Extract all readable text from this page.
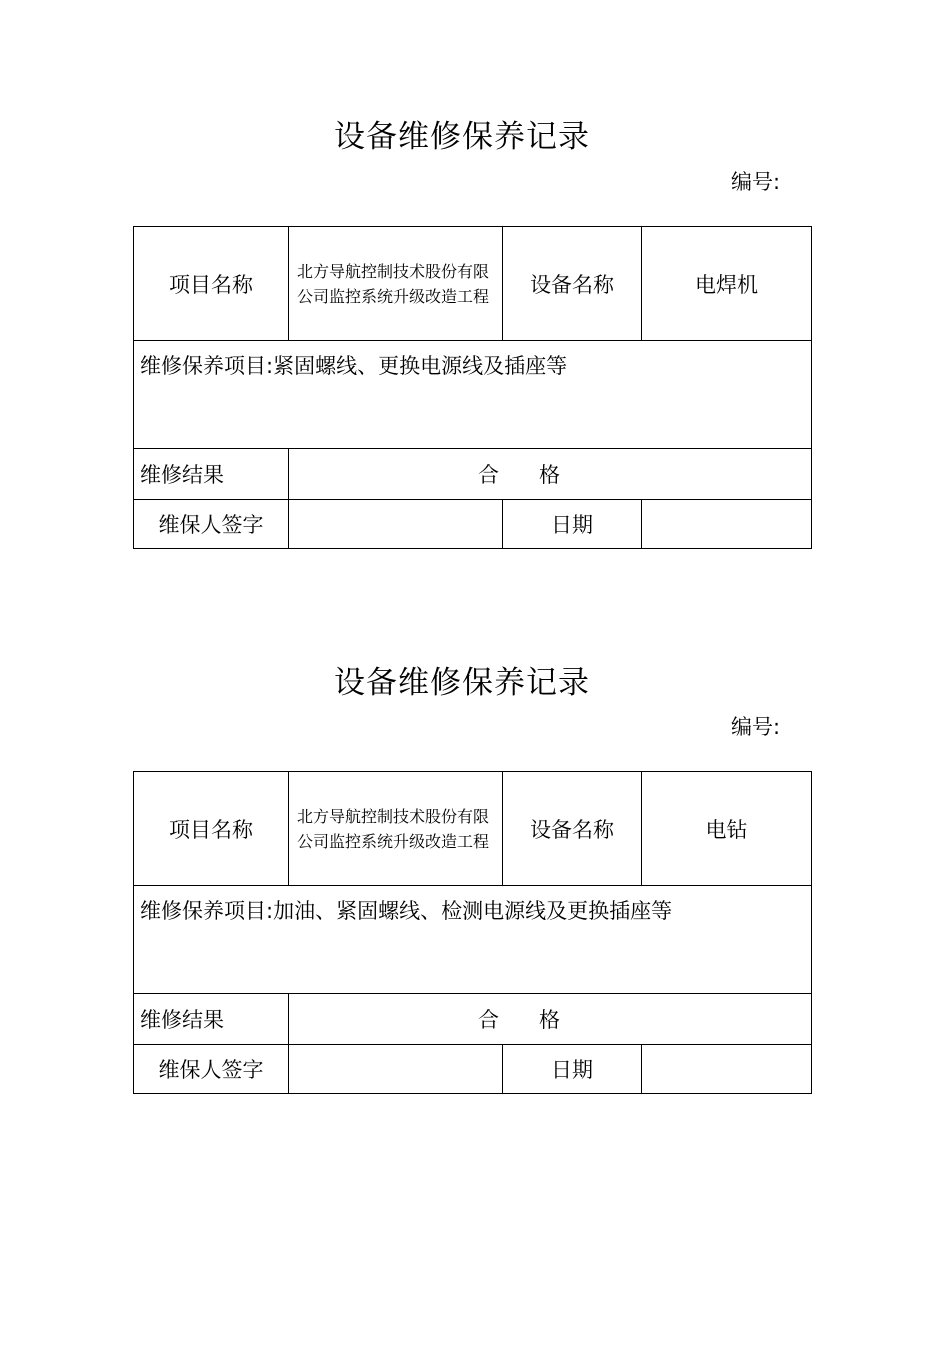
设备维修保养记录
编号:
项目名称	北方导航控制技术股份有限公司监控系统升级改造工程	设备名称	电焊机
维修保养项目:紧固螺线、更换电源线及插座等			
维修结果	合 格		
维保人签字		日期	
设备维修保养记录
编号:
项目名称	北方导航控制技术股份有限公司监控系统升级改造工程	设备名称	电钻
维修保养项目:加油、紧固螺线、检测电源线及更换插座等			
维修结果	合 格		
维保人签字		日期	
